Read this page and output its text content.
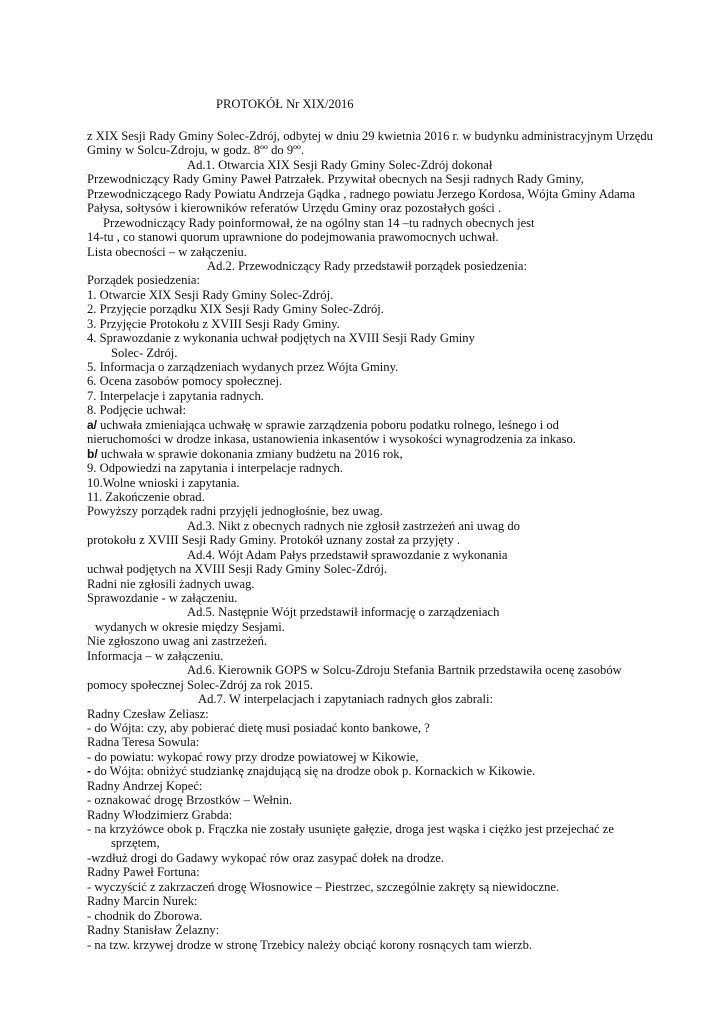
PROTOKÓŁ Nr XIX/2016
z XIX Sesji Rady Gminy Solec-Zdrój, odbytej w dniu 29 kwietnia 2016 r. w budynku administracyjnym Urzędu
Gminy w Solcu-Zdroju, w godz. 8ºº do 9ºº.
Ad.1. Otwarcia XIX Sesji Rady Gminy Solec-Zdrój dokonał
Przewodniczący Rady Gminy Paweł Patrzałek. Przywitał obecnych na Sesji radnych Rady Gminy,
Przewodniczącego Rady Powiatu Andrzeja Gądka , radnego powiatu Jerzego Kordosa, Wójta Gminy Adama
Pałysa, sołtysów i kierowników referatów Urzędu Gminy oraz pozostałych gości .
Przewodniczący Rady poinformował, że na ogólny stan 14 –tu radnych obecnych jest
14-tu , co stanowi quorum uprawnione do podejmowania prawomocnych uchwał.
Lista obecności – w załączeniu.
Ad.2. Przewodniczący Rady przedstawił porządek posiedzenia:
Porządek posiedzenia:
1. Otwarcie XIX Sesji Rady Gminy Solec-Zdrój.
2. Przyjęcie porządku XIX Sesji Rady Gminy Solec-Zdrój.
3. Przyjęcie Protokołu z XVIII Sesji Rady Gminy.
4. Sprawozdanie z wykonania uchwał podjętych na XVIII Sesji Rady Gminy
Solec- Zdrój.
5. Informacja o zarządzeniach wydanych przez Wójta Gminy.
6. Ocena zasobów pomocy społecznej.
7. Interpelacje i zapytania radnych.
8. Podjęcie uchwał:
a/ uchwała zmieniająca uchwałę w sprawie zarządzenia poboru podatku rolnego, leśnego i od
nieruchomości w drodze inkasa, ustanowienia inkasentów i wysokości wynagrodzenia za inkaso.
b/ uchwała w sprawie dokonania zmiany budżetu na 2016 rok,
9. Odpowiedzi na zapytania i interpelacje radnych.
10.Wolne wnioski i zapytania.
11. Zakończenie obrad.
Powyższy porządek radni przyjęli jednogłośnie, bez uwag.
Ad.3. Nikt z obecnych radnych nie zgłosił zastrzeżeń ani uwag do
protokołu z XVIII Sesji Rady Gminy. Protokół uznany został za przyjęty .
Ad.4. Wójt Adam Pałys przedstawił sprawozdanie z wykonania
uchwał podjętych na XVIII Sesji Rady Gminy Solec-Zdrój.
Radni nie zgłosili żadnych uwag.
Sprawozdanie - w załączeniu.
Ad.5. Następnie Wójt przedstawił informację o zarządzeniach
wydanych w okresie między Sesjami.
Nie zgłoszono uwag ani zastrzeżeń.
Informacja – w załączeniu.
Ad.6. Kierownik GOPS w Solcu-Zdroju Stefania Bartnik przedstawiła ocenę zasobów
pomocy społecznej Solec-Zdrój za rok 2015.
Ad.7. W interpelacjach i zapytaniach radnych głos zabrali:
Radny Czesław Zeliasz:
- do Wójta: czy, aby pobierać dietę musi posiadać konto bankowe, ?
Radna Teresa Sowula:
- do powiatu: wykopać rowy przy drodze powiatowej w Kikowie,
- do Wójta: obniżyć studziankę znajdującą się na drodze obok p. Kornackich w Kikowie.
Radny Andrzej Kopeć:
- oznakować drogę Brzostków – Wełnin.
Radny Włodzimierz Grabda:
- na krzyżówce obok p. Frączka nie zostały usunięte gałęzie, droga jest wąska i ciężko jest przejechać ze
sprzętem,
-wzdłuż drogi do Gadawy wykopać rów oraz zasypać dołek na drodze.
Radny Paweł Fortuna:
- wyczyścić z zakrzaczeń drogę Włosnowice – Piestrzec, szczególnie zakręty są niewidoczne.
Radny Marcin Nurek:
- chodnik do Zborowa.
Radny Stanisław Żelazny:
- na tzw. krzywej drodze w stronę Trzebicy należy obciąć korony rosnących tam wierzb.
